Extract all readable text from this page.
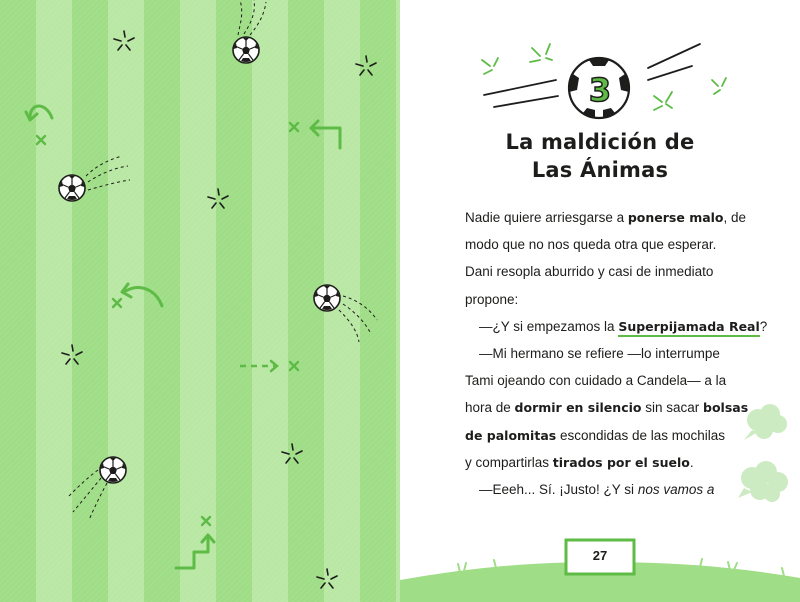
3
La maldición de
Las Ánimas

Nadie quiere arriesgarse a ponerse malo, de

modo que no nos queda otra que esperar.

Dani resopla aburrido y casi de inmediato

propone:

—¿Y si empezamos la Superpijamada Real?

—Mi hermano se refiere —lo interrumpe

Tami ojeando con cuidado a Candela— a la

hora de dormir en silencio sin sacar bolsas

de palomitas escondidas de las mochilas

y compartirlas tirados por el suelo.

—Eeeh... Sí. ¡Justo! ¿Y si nos vamos a

27
